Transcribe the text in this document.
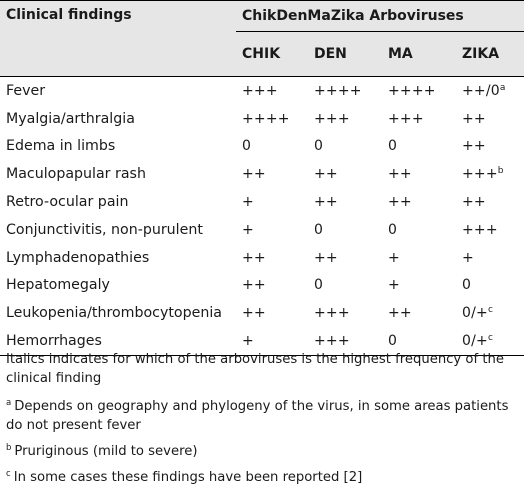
Clinical findings	ChikDenMaZika Arboviruses			
	CHIK	DEN	MA	ZIKA
Fever	+++	++++	++++	$++/0^a$
Myalgia/arthralgia	++++	+++	+++	++
Edema in limbs	0	0	0	++
Maculopapular rash	++	++	++	+++$^b$
Retro-ocular pain	+	++	++	++
Conjunctivitis, non-purulent	+	0	0	+++
Lymphadenopathies	++	++	+	+
Hepatomegaly	++	0	+	0
Leukopenia/thrombocytopenia	++	+++	++	0/+$^c$
Hemorrhages	+	+++	0	0/+$^c$
Italics indicates for which of the arboviruses is the highest frequency of the clinical finding
$^a$ Depends on geography and phylogeny of the virus, in some areas patients do not present fever
$^b$ Pruriginous (mild to severe)
$^c$ In some cases these findings have been reported [2]
